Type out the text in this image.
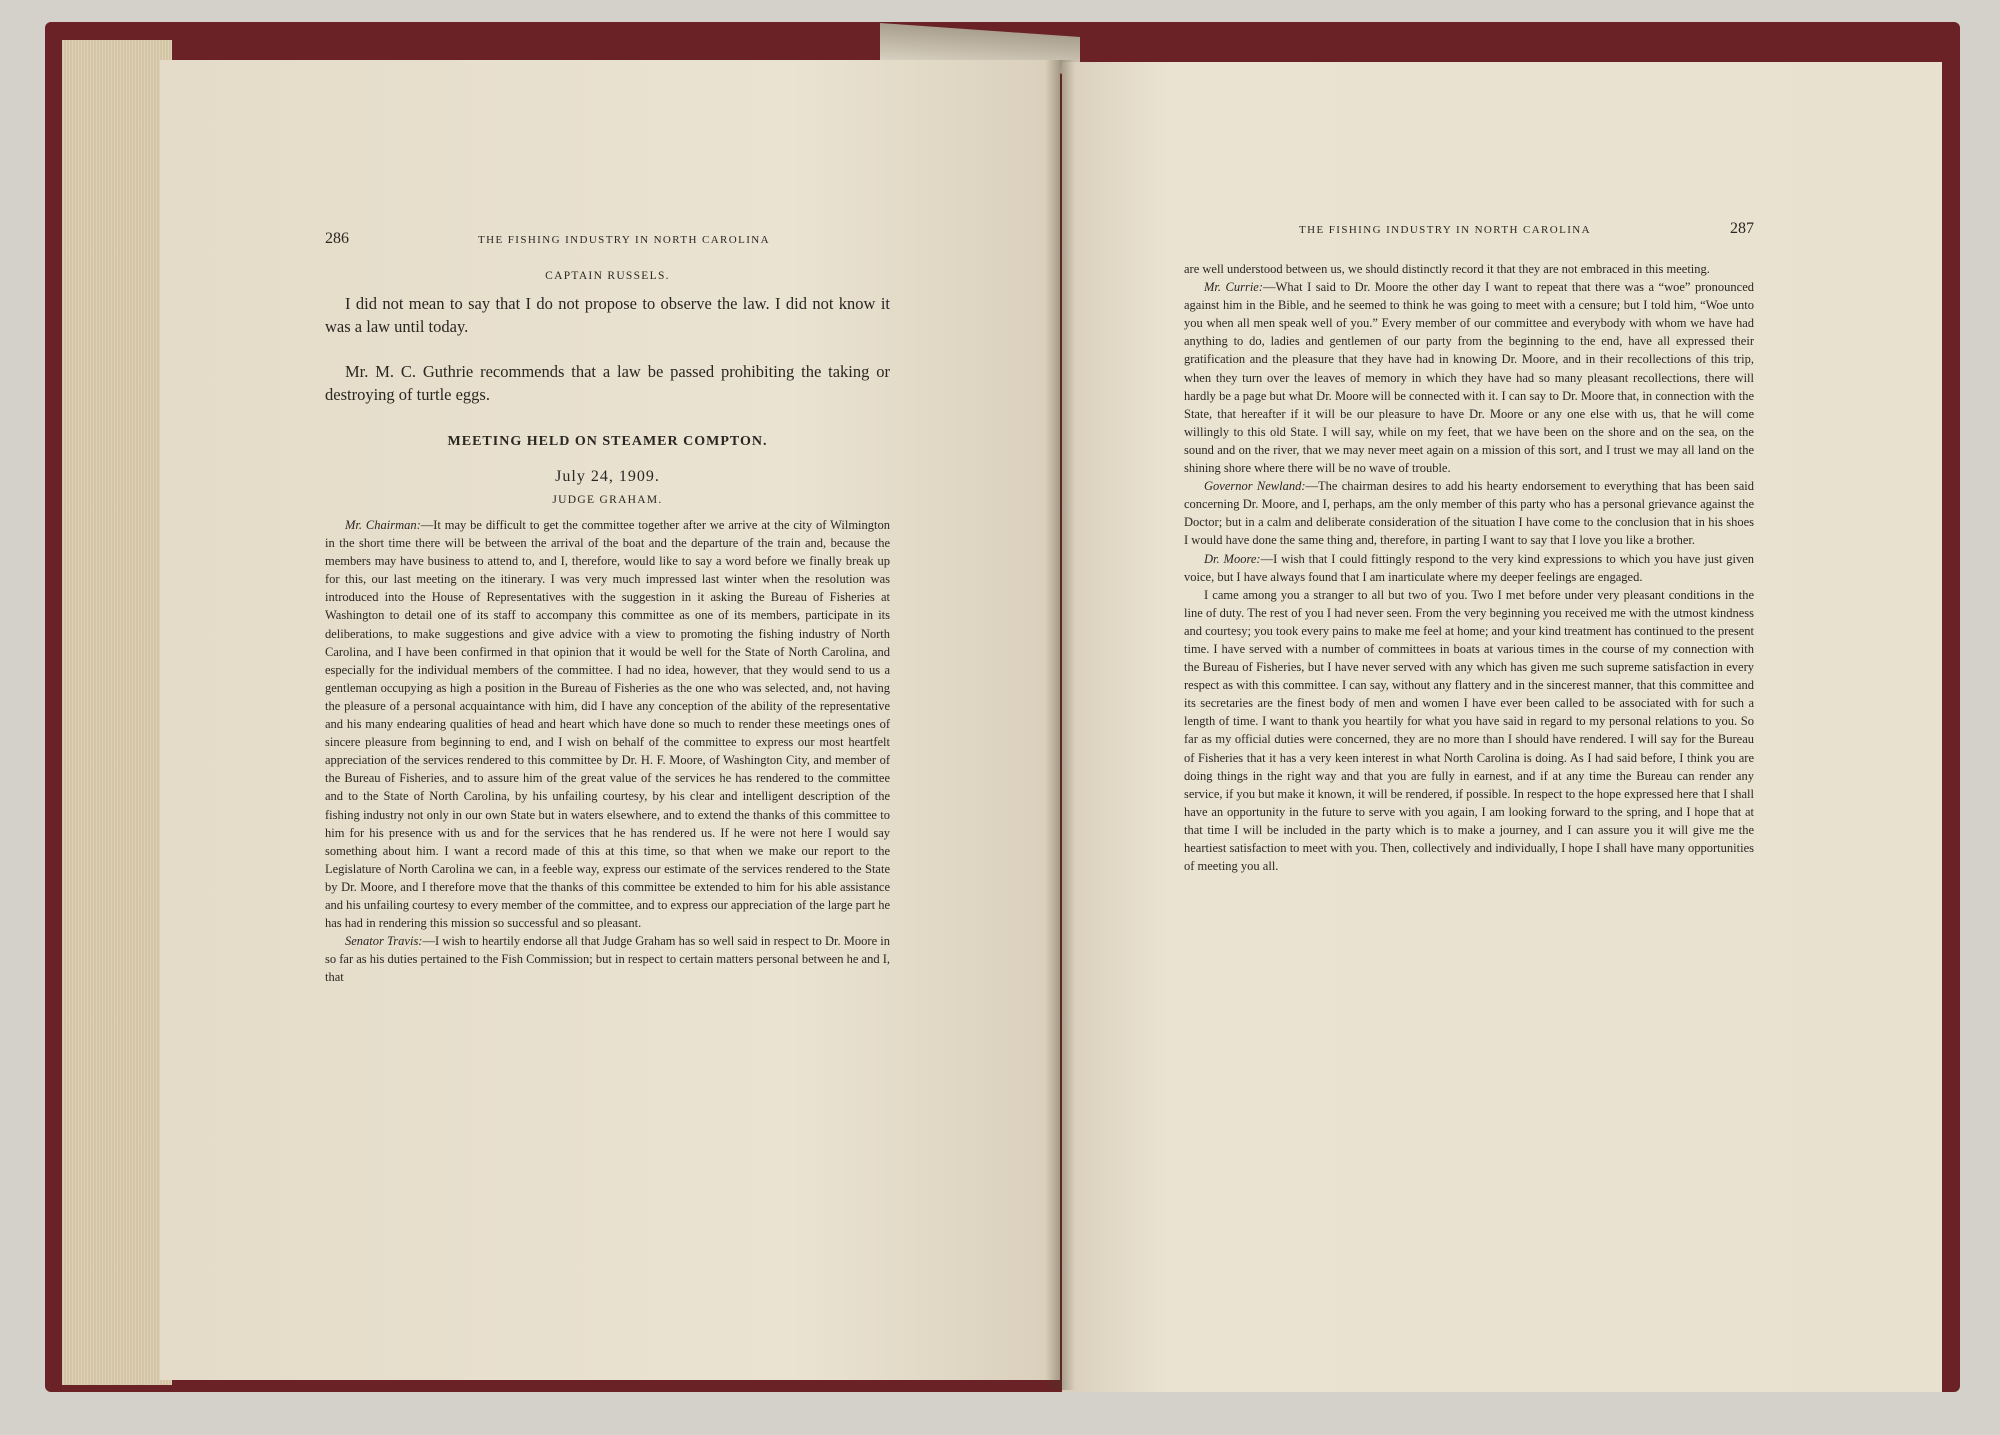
286	THE FISHING INDUSTRY IN NORTH CAROLINA
CAPTAIN RUSSELS.

I did not mean to say that I do not propose to observe the law. I did not know it was a law until today.

Mr. M. C. Guthrie recommends that a law be passed prohibiting the taking or destroying of turtle eggs.

MEETING HELD ON STEAMER COMPTON.
July 24, 1909.
JUDGE GRAHAM.

Mr. Chairman:—It may be difficult to get the committee together after we arrive at the city of Wilmington in the short time there will be between the arrival of the boat and the departure of the train and, because the members may have business to attend to, and I, therefore, would like to say a word before we finally break up for this, our last meeting on the itinerary. I was very much impressed last winter when the resolution was introduced into the House of Representatives with the suggestion in it asking the Bureau of Fisheries at Washington to detail one of its staff to accompany this committee as one of its members, participate in its deliberations, to make suggestions and give advice with a view to promoting the fishing industry of North Carolina, and I have been confirmed in that opinion that it would be well for the State of North Carolina, and especially for the individual members of the committee. I had no idea, however, that they would send to us a gentleman occupying as high a position in the Bureau of Fisheries as the one who was selected, and, not having the pleasure of a personal acquaintance with him, did I have any conception of the ability of the representative and his many endearing qualities of head and heart which have done so much to render these meetings ones of sincere pleasure from beginning to end, and I wish on behalf of the committee to express our most heartfelt appreciation of the services rendered to this committee by Dr. H. F. Moore, of Washington City, and member of the Bureau of Fisheries, and to assure him of the great value of the services he has rendered to the committee and to the State of North Carolina, by his unfailing courtesy, by his clear and intelligent description of the fishing industry not only in our own State but in waters elsewhere, and to extend the thanks of this committee to him for his presence with us and for the services that he has rendered us. If he were not here I would say something about him. I want a record made of this at this time, so that when we make our report to the Legislature of North Carolina we can, in a feeble way, express our estimate of the services rendered to the State by Dr. Moore, and I therefore move that the thanks of this committee be extended to him for his able assistance and his unfailing courtesy to every member of the committee, and to express our appreciation of the large part he has had in rendering this mission so successful and so pleasant.

Senator Travis:—I wish to heartily endorse all that Judge Graham has so well said in respect to Dr. Moore in so far as his duties pertained to the Fish Commission; but in respect to certain matters personal between he and I, that

THE FISHING INDUSTRY IN NORTH CAROLINA	287

are well understood between us, we should distinctly record it that they are not embraced in this meeting.

Mr. Currie:—What I said to Dr. Moore the other day I want to repeat that there was a “woe” pronounced against him in the Bible, and he seemed to think he was going to meet with a censure; but I told him, “Woe unto you when all men speak well of you.” Every member of our committee and everybody with whom we have had anything to do, ladies and gentlemen of our party from the beginning to the end, have all expressed their gratification and the pleasure that they have had in knowing Dr. Moore, and in their recollections of this trip, when they turn over the leaves of memory in which they have had so many pleasant recollections, there will hardly be a page but what Dr. Moore will be connected with it. I can say to Dr. Moore that, in connection with the State, that hereafter if it will be our pleasure to have Dr. Moore or any one else with us, that he will come willingly to this old State. I will say, while on my feet, that we have been on the shore and on the sea, on the sound and on the river, that we may never meet again on a mission of this sort, and I trust we may all land on the shining shore where there will be no wave of trouble.

Governor Newland:—The chairman desires to add his hearty endorsement to everything that has been said concerning Dr. Moore, and I, perhaps, am the only member of this party who has a personal grievance against the Doctor; but in a calm and deliberate consideration of the situation I have come to the conclusion that in his shoes I would have done the same thing and, therefore, in parting I want to say that I love you like a brother.

Dr. Moore:—I wish that I could fittingly respond to the very kind expressions to which you have just given voice, but I have always found that I am inarticulate where my deeper feelings are engaged.

I came among you a stranger to all but two of you. Two I met before under very pleasant conditions in the line of duty. The rest of you I had never seen. From the very beginning you received me with the utmost kindness and courtesy; you took every pains to make me feel at home; and your kind treatment has continued to the present time. I have served with a number of committees in boats at various times in the course of my connection with the Bureau of Fisheries, but I have never served with any which has given me such supreme satisfaction in every respect as with this committee. I can say, without any flattery and in the sincerest manner, that this committee and its secretaries are the finest body of men and women I have ever been called to be associated with for such a length of time. I want to thank you heartily for what you have said in regard to my personal relations to you. So far as my official duties were concerned, they are no more than I should have rendered. I will say for the Bureau of Fisheries that it has a very keen interest in what North Carolina is doing. As I had said before, I think you are doing things in the right way and that you are fully in earnest, and if at any time the Bureau can render any service, if you but make it known, it will be rendered, if possible. In respect to the hope expressed here that I shall have an opportunity in the future to serve with you again, I am looking forward to the spring, and I hope that at that time I will be included in the party which is to make a journey, and I can assure you it will give me the heartiest satisfaction to meet with you. Then, collectively and individually, I hope I shall have many opportunities of meeting you all.
